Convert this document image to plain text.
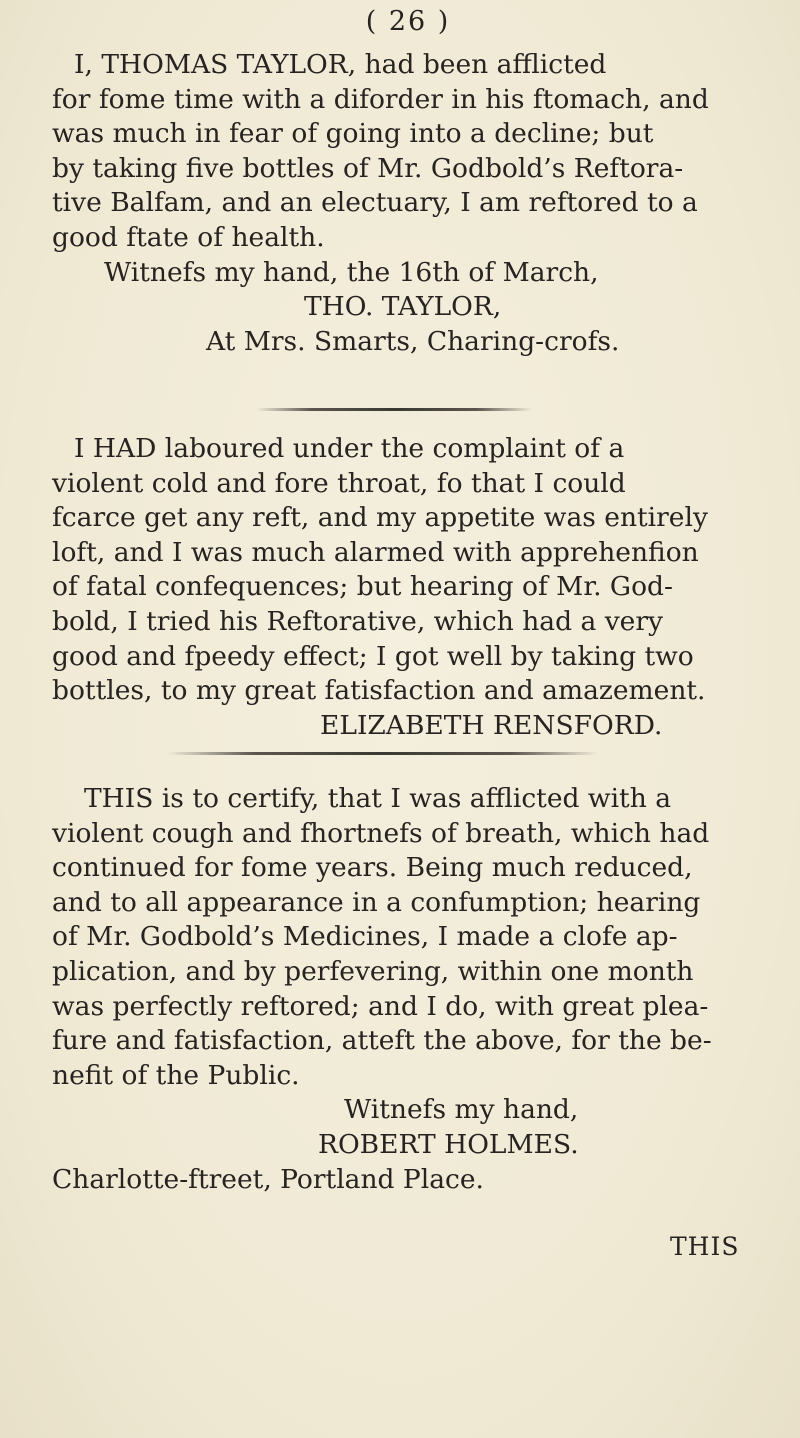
( 26 )
I, THOMAS TAYLOR, had been afflicted
for fome time with a diforder in his ftomach, and
was much in fear of going into a decline; but
by taking five bottles of Mr. Godbold’s Reftora-
tive Balfam, and an electuary, I am reftored to a
good ftate of health.
Witnefs my hand, the 16th of March,
THO. TAYLOR,
At Mrs. Smarts, Charing-crofs.
I HAD laboured under the complaint of a
violent cold and fore throat, fo that I could
fcarce get any reft, and my appetite was entirely
loft, and I was much alarmed with apprehenfion
of fatal confequences; but hearing of Mr. God-
bold, I tried his Reftorative, which had a very
good and fpeedy effect; I got well by taking two
bottles, to my great fatisfaction and amazement.
ELIZABETH RENSFORD.
THIS is to certify, that I was afflicted with a
violent cough and fhortnefs of breath, which had
continued for fome years. Being much reduced,
and to all appearance in a confumption; hearing
of Mr. Godbold’s Medicines, I made a clofe ap-
plication, and by perfevering, within one month
was perfectly reftored; and I do, with great plea-
fure and fatisfaction, atteft the above, for the be-
nefit of the Public.
Witnefs my hand,
ROBERT HOLMES.
Charlotte-ftreet, Portland Place.
THIS
